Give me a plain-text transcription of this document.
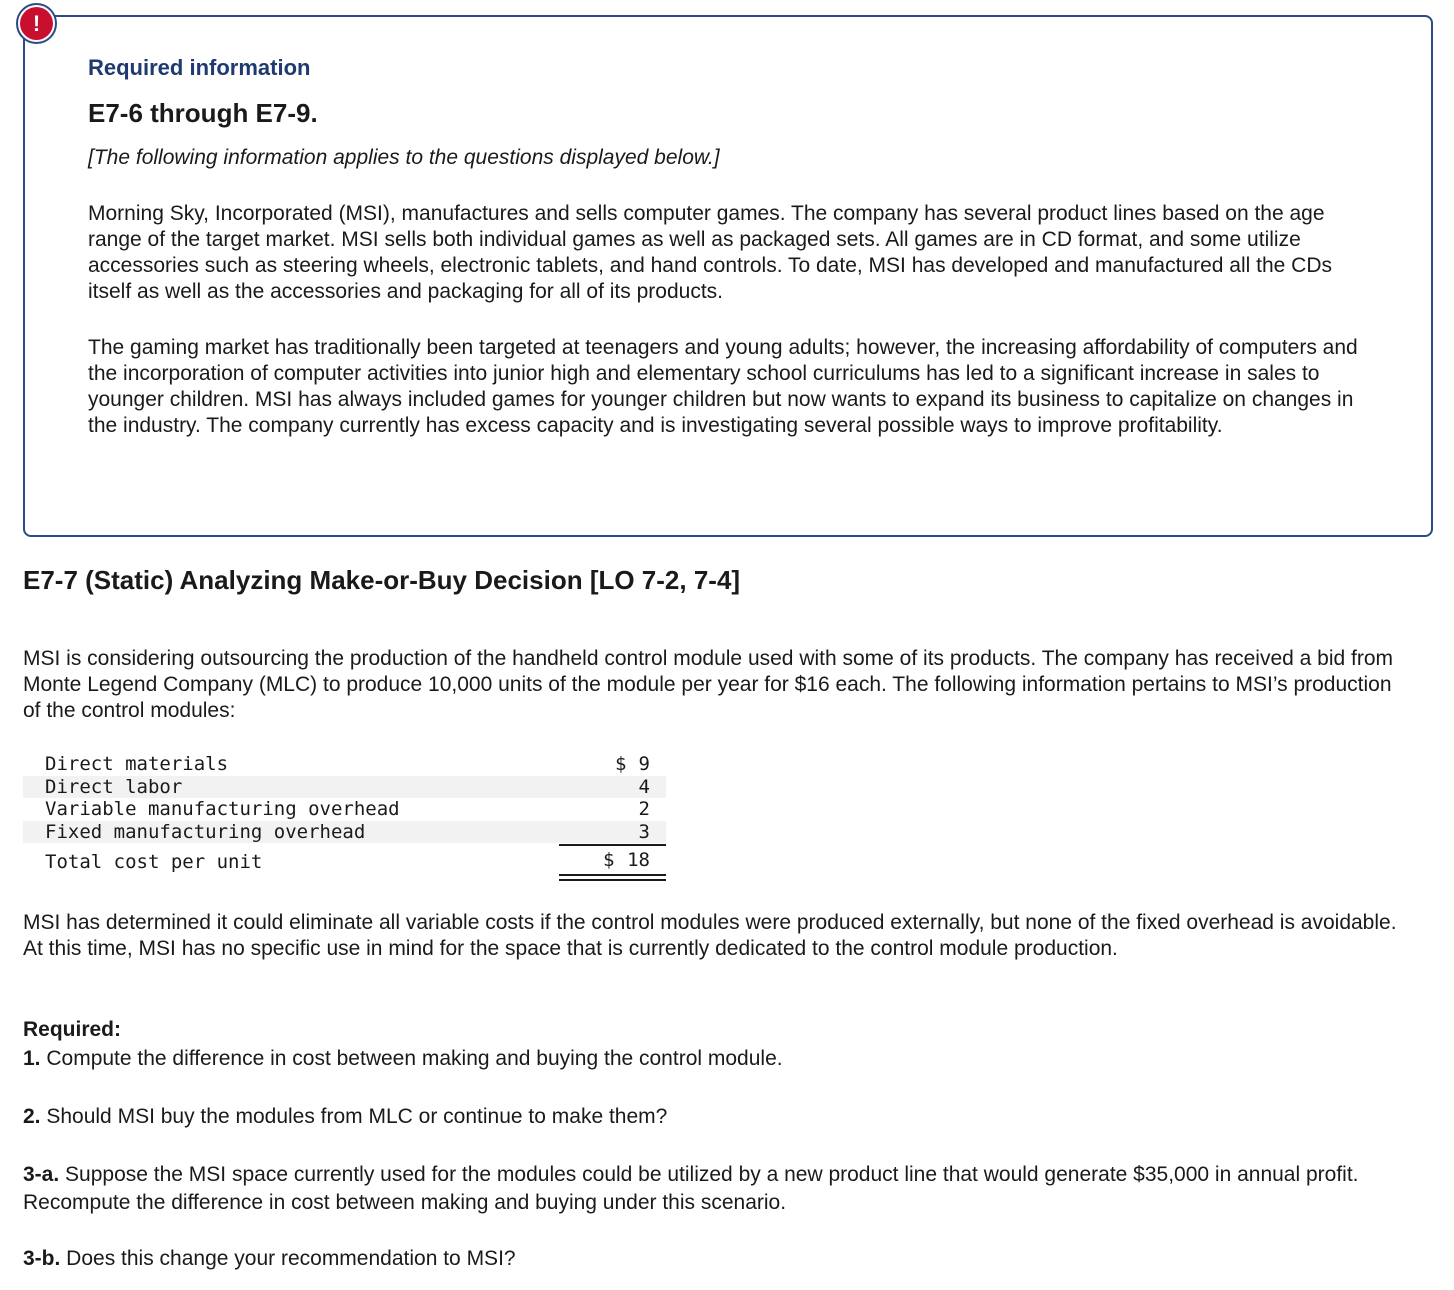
!
Required information
E7-6 through E7-9.
[The following information applies to the questions displayed below.]
Morning Sky, Incorporated (MSI), manufactures and sells computer games. The company has several product lines based on the age range of the target market. MSI sells both individual games as well as packaged sets. All games are in CD format, and some utilize accessories such as steering wheels, electronic tablets, and hand controls. To date, MSI has developed and manufactured all the CDs itself as well as the accessories and packaging for all of its products.
The gaming market has traditionally been targeted at teenagers and young adults; however, the increasing affordability of computers and the incorporation of computer activities into junior high and elementary school curriculums has led to a significant increase in sales to younger children. MSI has always included games for younger children but now wants to expand its business to capitalize on changes in the industry. The company currently has excess capacity and is investigating several possible ways to improve profitability.
E7-7 (Static) Analyzing Make-or-Buy Decision [LO 7-2, 7-4]
MSI is considering outsourcing the production of the handheld control module used with some of its products. The company has received a bid from Monte Legend Company (MLC) to produce 10,000 units of the module per year for $16 each. The following information pertains to MSI’s production of the control modules:
Direct materials	$ 9
Direct labor	4
Variable manufacturing overhead	2
Fixed manufacturing overhead	3
Total cost per unit	$ 18
MSI has determined it could eliminate all variable costs if the control modules were produced externally, but none of the fixed overhead is avoidable. At this time, MSI has no specific use in mind for the space that is currently dedicated to the control module production.
Required:
1. Compute the difference in cost between making and buying the control module.
2. Should MSI buy the modules from MLC or continue to make them?
3-a. Suppose the MSI space currently used for the modules could be utilized by a new product line that would generate $35,000 in annual profit. Recompute the difference in cost between making and buying under this scenario.
3-b. Does this change your recommendation to MSI?
